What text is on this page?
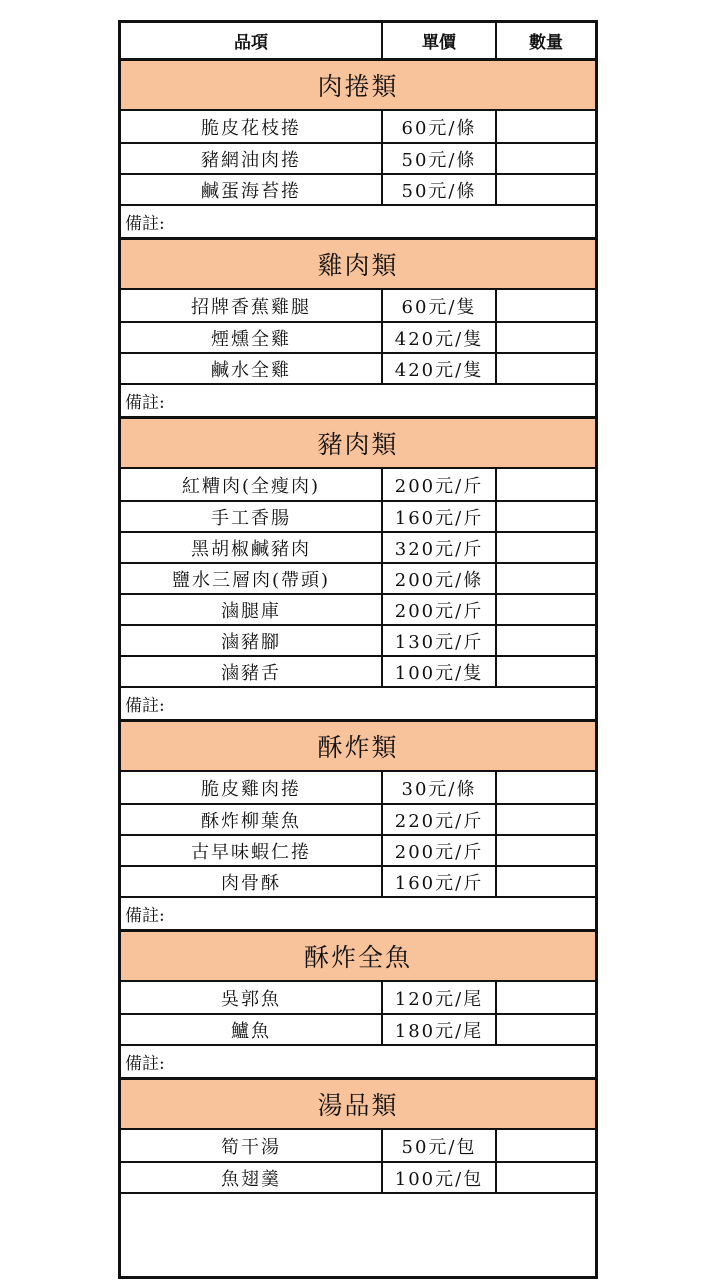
品項	單價	數量
肉捲類
脆皮花枝捲	60元/條
豬網油肉捲	50元/條
鹹蛋海苔捲	50元/條
備註:
雞肉類
招牌香蕉雞腿	60元/隻
煙燻全雞	420元/隻
鹹水全雞	420元/隻
備註:
豬肉類
紅糟肉(全瘦肉)	200元/斤
手工香腸	160元/斤
黑胡椒鹹豬肉	320元/斤
鹽水三層肉(帶頭)	200元/條
滷腿庫	200元/斤
滷豬腳	130元/斤
滷豬舌	100元/隻
備註:
酥炸類
脆皮雞肉捲	30元/條
酥炸柳葉魚	220元/斤
古早味蝦仁捲	200元/斤
肉骨酥	160元/斤
備註:
酥炸全魚
吳郭魚	120元/尾
鱸魚	180元/尾
備註:
湯品類
筍干湯	50元/包
魚翅羹	100元/包
